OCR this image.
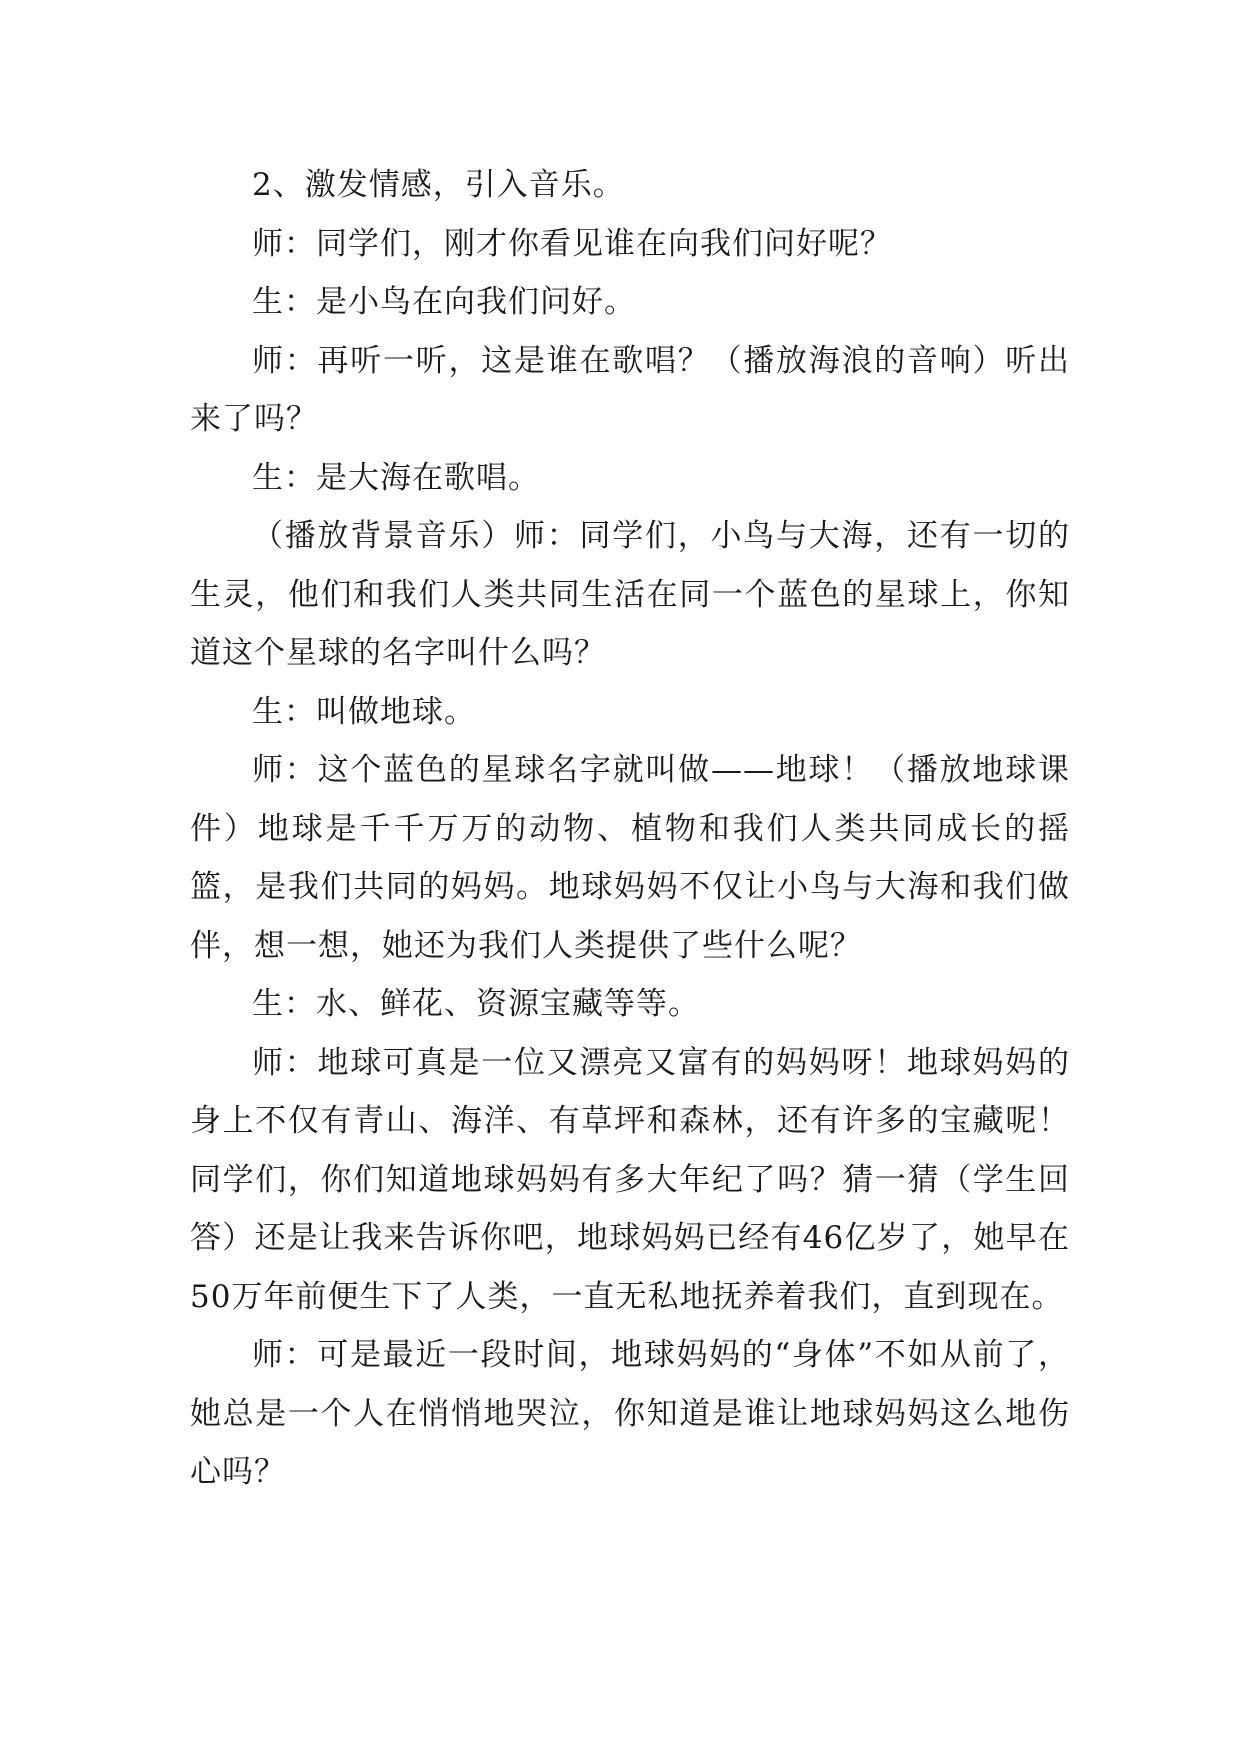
2、激发情感，引入音乐。

师：同学们，刚才你看见谁在向我们问好呢？

生：是小鸟在向我们问好。

师：再听一听，这是谁在歌唱？（播放海浪的音响）听出来了吗？

生：是大海在歌唱。

（播放背景音乐）师：同学们，小鸟与大海，还有一切的生灵，他们和我们人类共同生活在同一个蓝色的星球上，你知道这个星球的名字叫什么吗？

生：叫做地球。

师：这个蓝色的星球名字就叫做——地球！（播放地球课件）地球是千千万万的动物、植物和我们人类共同成长的摇篮，是我们共同的妈妈。地球妈妈不仅让小鸟与大海和我们做伴，想一想，她还为我们人类提供了些什么呢？

生：水、鲜花、资源宝藏等等。

师：地球可真是一位又漂亮又富有的妈妈呀！地球妈妈的身上不仅有青山、海洋、有草坪和森林，还有许多的宝藏呢！同学们，你们知道地球妈妈有多大年纪了吗？猜一猜（学生回答）还是让我来告诉你吧，地球妈妈已经有46亿岁了，她早在50万年前便生下了人类，一直无私地抚养着我们，直到现在。

师：可是最近一段时间，地球妈妈的“身体”不如从前了，她总是一个人在悄悄地哭泣，你知道是谁让地球妈妈这么地伤心吗？
